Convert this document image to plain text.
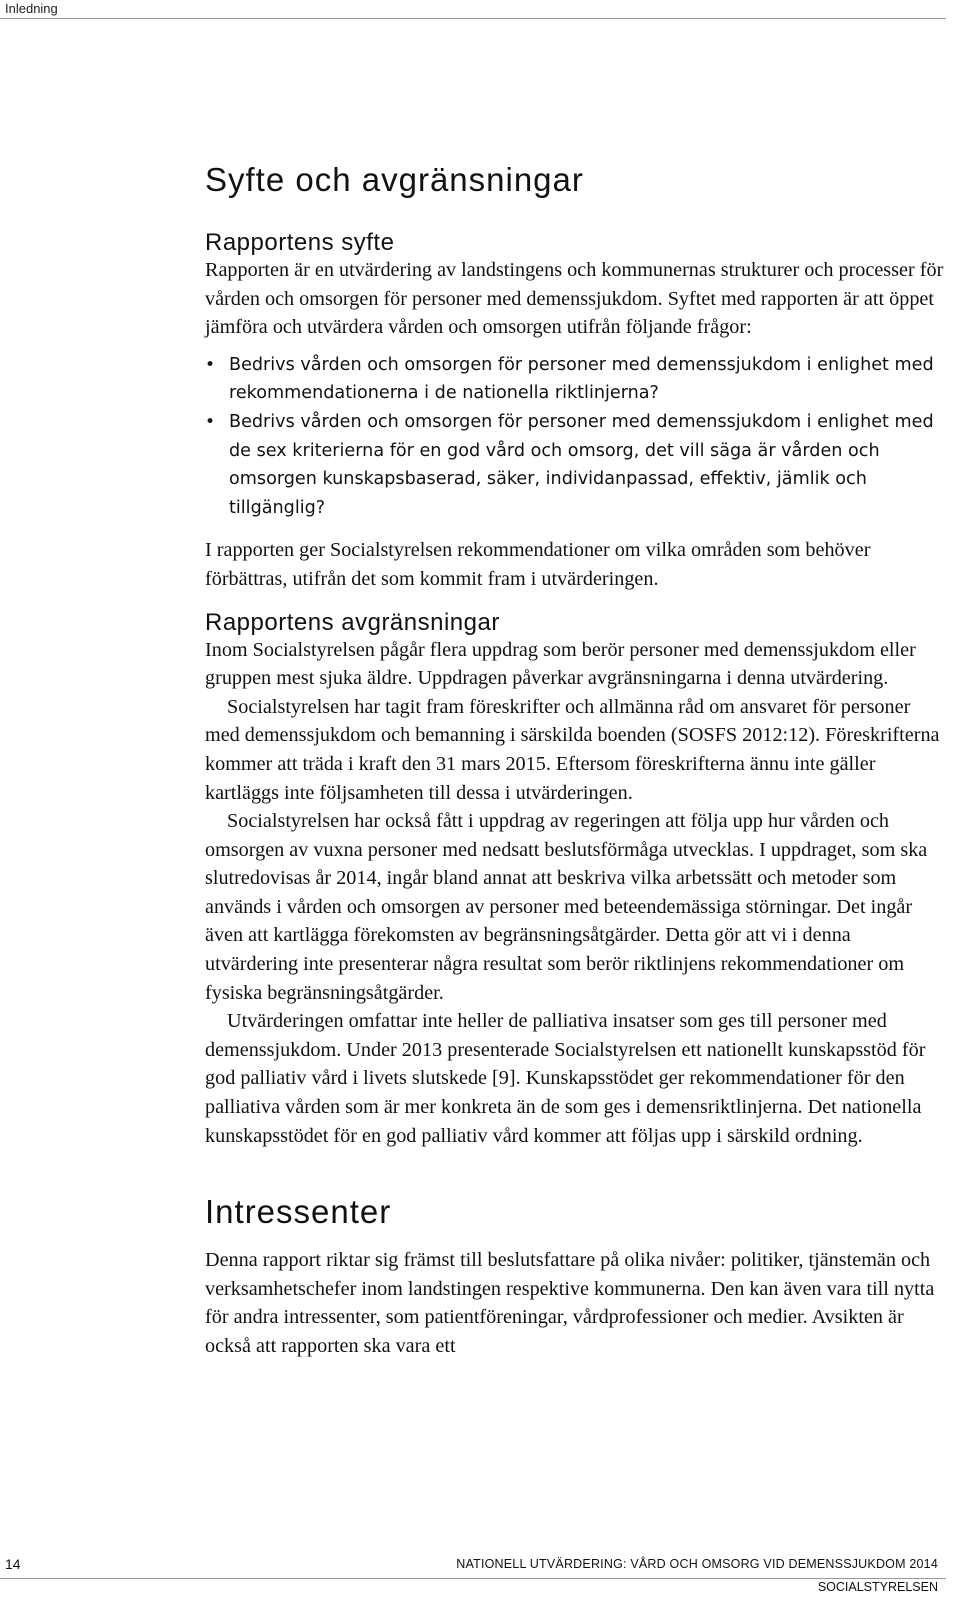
Inledning
Syfte och avgränsningar
Rapportens syfte

Rapporten är en utvärdering av landstingens och kommunernas strukturer och processer för vården och omsorgen för personer med demenssjukdom. Syftet med rapporten är att öppet jämföra och utvärdera vården och omsorgen utifrån följande frågor:

• Bedrivs vården och omsorgen för personer med demenssjukdom i enlighet med rekommendationerna i de nationella riktlinjerna?
• Bedrivs vården och omsorgen för personer med demenssjukdom i enlighet med de sex kriterierna för en god vård och omsorg, det vill säga är vården och omsorgen kunskapsbaserad, säker, individanpassad, effektiv, jämlik och tillgänglig?

I rapporten ger Socialstyrelsen rekommendationer om vilka områden som behöver förbättras, utifrån det som kommit fram i utvärderingen.

Rapportens avgränsningar

Inom Socialstyrelsen pågår flera uppdrag som berör personer med demenssjukdom eller gruppen mest sjuka äldre. Uppdragen påverkar avgränsningarna i denna utvärdering.

Socialstyrelsen har tagit fram föreskrifter och allmänna råd om ansvaret för personer med demenssjukdom och bemanning i särskilda boenden (SOSFS 2012:12). Föreskrifterna kommer att träda i kraft den 31 mars 2015. Eftersom föreskrifterna ännu inte gäller kartläggs inte följsamheten till dessa i utvärderingen.

Socialstyrelsen har också fått i uppdrag av regeringen att följa upp hur vården och omsorgen av vuxna personer med nedsatt beslutsförmåga utvecklas. I uppdraget, som ska slutredovisas år 2014, ingår bland annat att beskriva vilka arbetssätt och metoder som används i vården och omsorgen av personer med beteendemässiga störningar. Det ingår även att kartlägga förekomsten av begränsningsåtgärder. Detta gör att vi i denna utvärdering inte presenterar några resultat som berör riktlinjens rekommendationer om fysiska begränsningsåtgärder.

Utvärderingen omfattar inte heller de palliativa insatser som ges till personer med demenssjukdom. Under 2013 presenterade Socialstyrelsen ett nationellt kunskapsstöd för god palliativ vård i livets slutskede [9]. Kunskapsstödet ger rekommendationer för den palliativa vården som är mer konkreta än de som ges i demensriktlinjerna. Det nationella kunskapsstödet för en god palliativ vård kommer att följas upp i särskild ordning.

Intressenter

Denna rapport riktar sig främst till beslutsfattare på olika nivåer: politiker, tjänstemän och verksamhetschefer inom landstingen respektive kommunerna. Den kan även vara till nytta för andra intressenter, som patientföreningar, vårdprofessioner och medier. Avsikten är också att rapporten ska vara ett

14	NATIONELL UTVÄRDERING: VÅRD OCH OMSORG VID DEMENSSJUKDOM 2014
SOCIALSTYRELSEN
